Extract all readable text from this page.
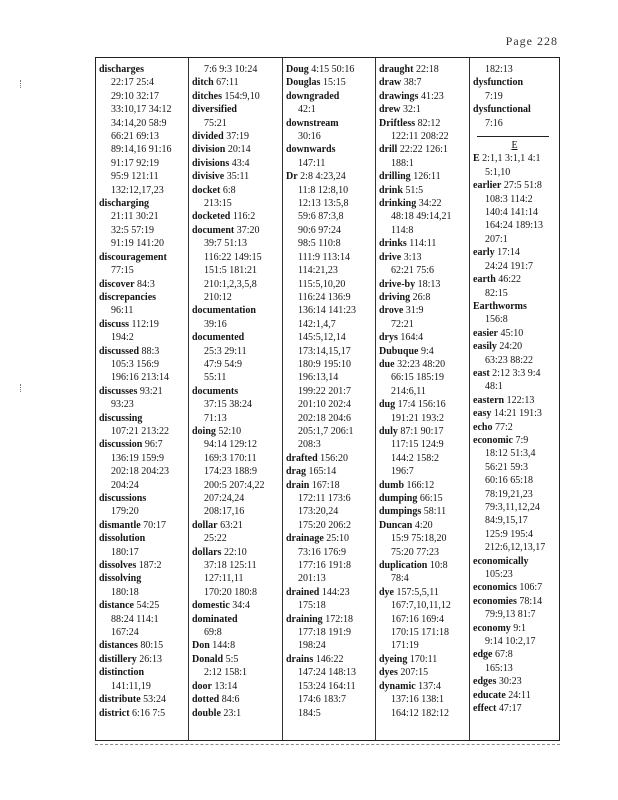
Page 228
discharges
22:17 25:4
29:10 32:17
33:10,17 34:12
34:14,20 58:9
66:21 69:13
89:14,16 91:16
91:17 92:19
95:9 121:11
132:12,17,23
discharging
21:11 30:21
32:5 57:19
91:19 141:20
discouragement
77:15
discover 84:3
discrepancies
96:11
discuss 112:19
194:2
discussed 88:3
105:3 156:9
196:16 213:14
discusses 93:21
93:23
discussing
107:21 213:22
discussion 96:7
136:19 159:9
202:18 204:23
204:24
discussions
179:20
dismantle 70:17
dissolution
180:17
dissolves 187:2
dissolving
180:18
distance 54:25
88:24 114:1
167:24
distances 80:15
distillery 26:13
distinction
141:11,19
distribute 53:24
district 6:16 7:5
7:6 9:3 10:24
ditch 67:11
ditches 154:9,10
diversified
75:21
divided 37:19
division 20:14
divisions 43:4
divisive 35:11
docket 6:8
213:15
docketed 116:2
document 37:20
39:7 51:13
116:22 149:15
151:5 181:21
210:1,2,3,5,8
210:12
documentation
39:16
documented
25:3 29:11
47:9 54:9
55:11
documents
37:15 38:24
71:13
doing 52:10
94:14 129:12
169:3 170:11
174:23 188:9
200:5 207:4,22
207:24,24
208:17,16
dollar 63:21
25:22
dollars 22:10
37:18 125:11
127:11,11
170:20 180:8
domestic 34:4
dominated
69:8
Don 144:8
Donald 5:5
2:12 158:1
door 13:14
dotted 84:6
double 23:1
Doug 4:15 50:16
Douglas 15:15
downgraded
42:1
downstream
30:16
downwards
147:11
Dr 2:8 4:23,24
11:8 12:8,10
12:13 13:5,8
59:6 87:3,8
90:6 97:24
98:5 110:8
111:9 113:14
114:21,23
115:5,10,20
116:24 136:9
136:14 141:23
142:1,4,7
145:5,12,14
173:14,15,17
180:9 195:10
196:13,14
199:22 201:7
201:10 202:4
202:18 204:6
205:1,7 206:1
208:3
drafted 156:20
drag 165:14
drain 167:18
172:11 173:6
173:20,24
175:20 206:2
drainage 25:10
73:16 176:9
177:16 191:8
201:13
drained 144:23
175:18
draining 172:18
177:18 191:9
198:24
drains 146:22
147:24 148:13
153:24 164:11
174:6 183:7
184:5
draught 22:18
draw 38:7
drawings 41:23
drew 32:1
Driftless 82:12
122:11 208:22
drill 22:22 126:1
188:1
drilling 126:11
drink 51:5
drinking 34:22
48:18 49:14,21
114:8
drinks 114:11
drive 3:13
62:21 75:6
drive-by 18:13
driving 26:8
drove 31:9
72:21
drys 164:4
Dubuque 9:4
due 32:23 48:20
66:15 185:19
214:6,11
dug 17:4 156:16
191:21 193:2
duly 87:1 90:17
117:15 124:9
144:2 158:2
196:7
dumb 166:12
dumping 66:15
dumpings 58:11
Duncan 4:20
15:9 75:18,20
75:20 77:23
duplication 10:8
78:4
dye 157:5,5,11
167:7,10,11,12
167:16 169:4
170:15 171:18
171:19
dyeing 170:11
dyes 207:15
dynamic 137:4
137:16 138:1
164:12 182:12
182:13
dysfunction
7:19
dysfunctional
7:16
E
E 2:1,1 3:1,1 4:1
5:1,10
earlier 27:5 51:8
108:3 114:2
140:4 141:14
164:24 189:13
207:1
early 17:14
24:24 191:7
earth 46:22
82:15
Earthworms
156:8
easier 45:10
easily 24:20
63:23 88:22
east 2:12 3:3 9:4
48:1
eastern 122:13
easy 14:21 191:3
echo 77:2
economic 7:9
18:12 51:3,4
56:21 59:3
60:16 65:18
78:19,21,23
79:3,11,12,24
84:9,15,17
125:9 195:4
212:6,12,13,17
economically
105:23
economics 106:7
economies 78:14
79:9,13 81:7
economy 9:1
9:14 10:2,17
edge 67:8
165:13
edges 30:23
educate 24:11
effect 47:17
